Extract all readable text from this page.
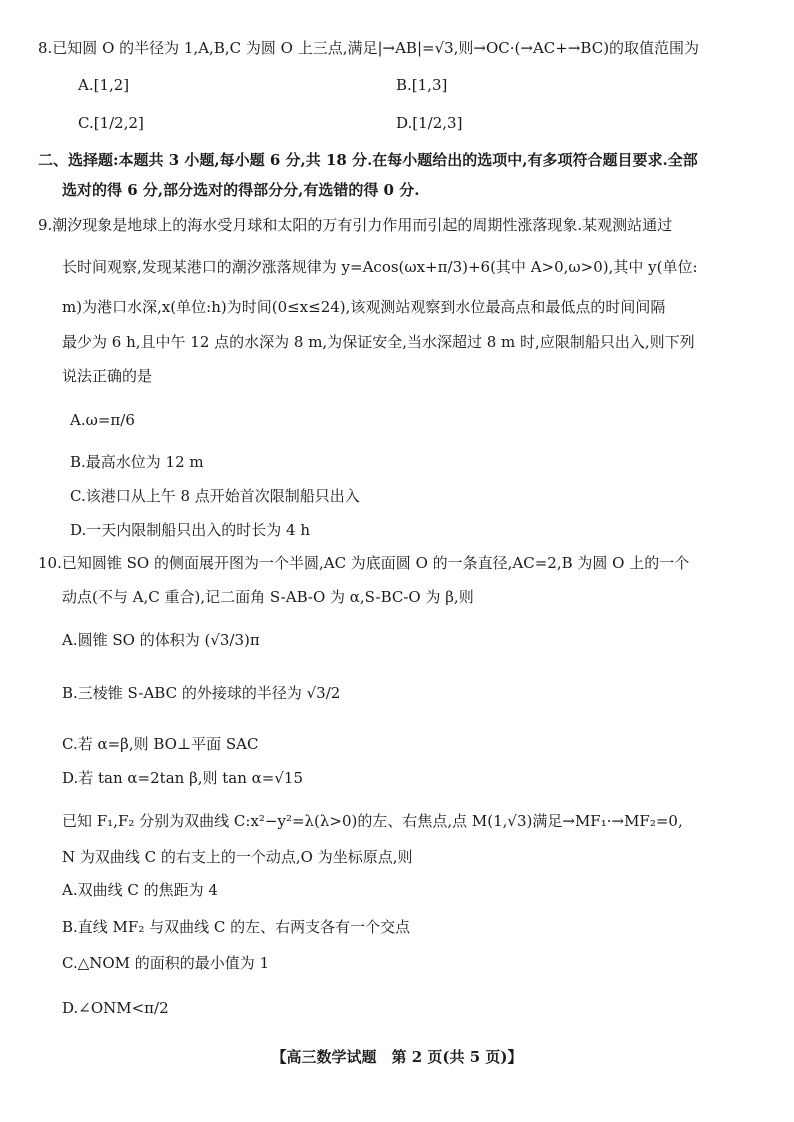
8.已知圆 O 的半径为 1,A,B,C 为圆 O 上三点,满足|→AB|=√3,则→OC·(→AC+→BC)的取值范围为
A.[1,2]	B.[1,3]
C.[1/2,2]	D.[1/2,3]
二、选择题:本题共 3 小题,每小题 6 分,共 18 分.在每小题给出的选项中,有多项符合题目要求.全部
选对的得 6 分,部分选对的得部分分,有选错的得 0 分.
9.潮汐现象是地球上的海水受月球和太阳的万有引力作用而引起的周期性涨落现象.某观测站通过
长时间观察,发现某港口的潮汐涨落规律为 y=Acos(ωx+π/3)+6(其中 A>0,ω>0),其中 y(单位:
m)为港口水深,x(单位:h)为时间(0≤x≤24),该观测站观察到水位最高点和最低点的时间间隔
最少为 6 h,且中午 12 点的水深为 8 m,为保证安全,当水深超过 8 m 时,应限制船只出入,则下列
说法正确的是
A.ω=π/6
B.最高水位为 12 m
C.该港口从上午 8 点开始首次限制船只出入
D.一天内限制船只出入的时长为 4 h
10.已知圆锥 SO 的侧面展开图为一个半圆,AC 为底面圆 O 的一条直径,AC=2,B 为圆 O 上的一个
动点(不与 A,C 重合),记二面角 S-AB-O 为 α,S-BC-O 为 β,则
A.圆锥 SO 的体积为 (√3/3)π
B.三棱锥 S-ABC 的外接球的半径为 √3/2
C.若 α=β,则 BO⊥平面 SAC
D.若 tan α=2tan β,则 tan α=√15
已知 F₁,F₂ 分别为双曲线 C:x²−y²=λ(λ>0)的左、右焦点,点 M(1,√3)满足→MF₁·→MF₂=0,
N 为双曲线 C 的右支上的一个动点,O 为坐标原点,则
A.双曲线 C 的焦距为 4
B.直线 MF₂ 与双曲线 C 的左、右两支各有一个交点
C.△NOM 的面积的最小值为 1
D.∠ONM<π/2
【高三数学试题　第 2 页(共 5 页)】
